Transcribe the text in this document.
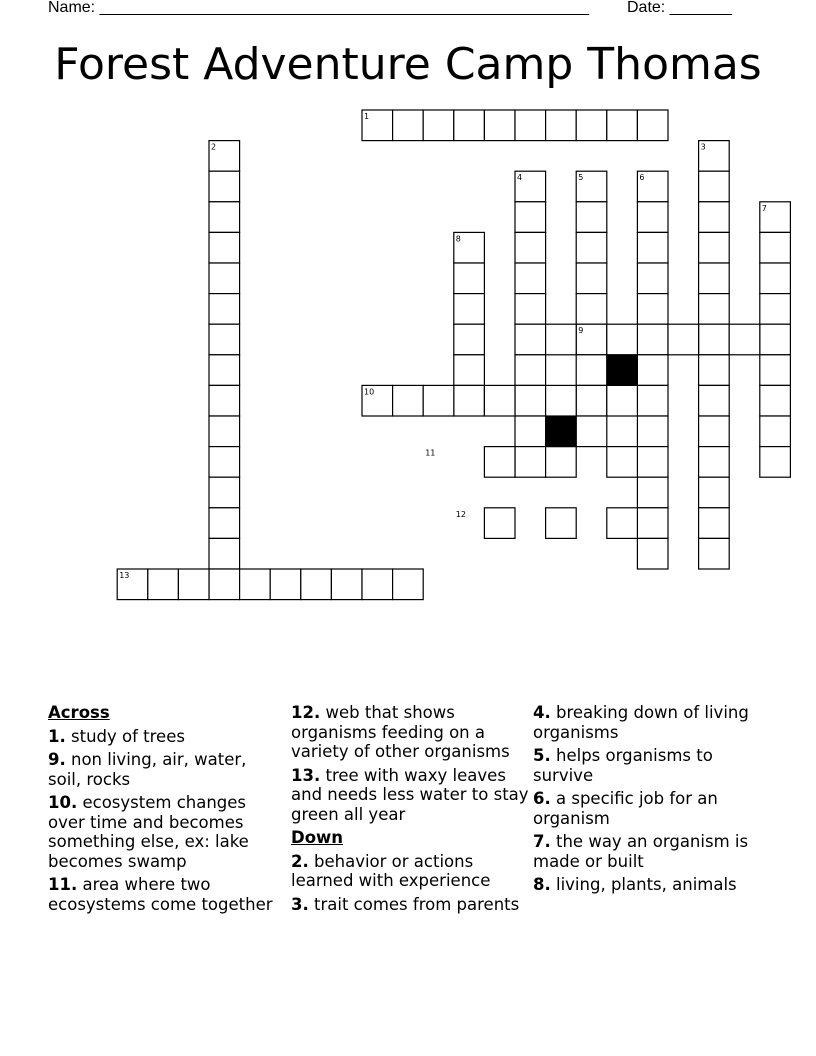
Name: _______________________________________________________ Date: _______
Forest Adventure Camp Thomas
1
2	3
4	5	6
7
8
9
10
11
12
13
Across
1. study of trees
9. non living, air, water, soil, rocks
10. ecosystem changes over time and becomes something else, ex: lake becomes swamp
11. area where two ecosystems come together
12. web that shows organisms feeding on a variety of other organisms
13. tree with waxy leaves and needs less water to stay green all year
Down
2. behavior or actions learned with experience
3. trait comes from parents
4. breaking down of living organisms
5. helps organisms to survive
6. a specific job for an organism
7. the way an organism is made or built
8. living, plants, animals
